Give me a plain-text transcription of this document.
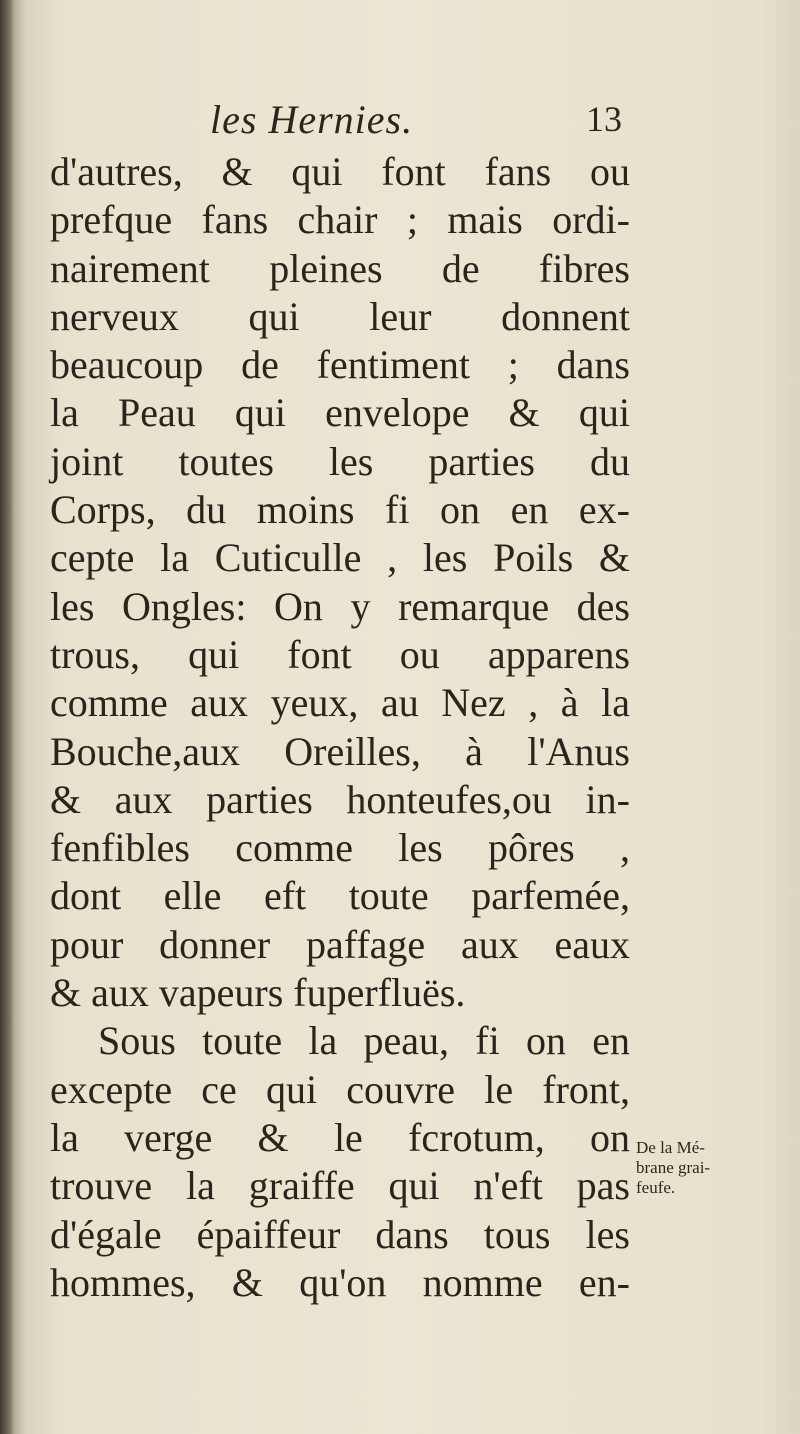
les Hernies.	13
d'autres, & qui font fans ou
prefque fans chair ; mais ordi-
nairement pleines de fibres
nerveux qui leur donnent
beaucoup de fentiment ; dans
la Peau qui envelope & qui
joint toutes les parties du
Corps, du moins fi on en ex-
cepte la Cuticulle , les Poils &
les Ongles: On y remarque des
trous, qui font ou apparens
comme aux yeux, au Nez , à la
Bouche,aux Oreilles, à l'Anus
& aux parties honteufes,ou in-
fenfibles comme les pôres ,
dont elle eft toute parfemée,
pour donner paffage aux eaux
& aux vapeurs fuperfluës.
Sous toute la peau, fi on en
excepte ce qui couvre le front,
la verge & le fcrotum, on
trouve la graiffe qui n'eft pas
d'égale épaiffeur dans tous les
hommes, & qu'on nomme en-
De la Mé-
brane grai-
feufe.
